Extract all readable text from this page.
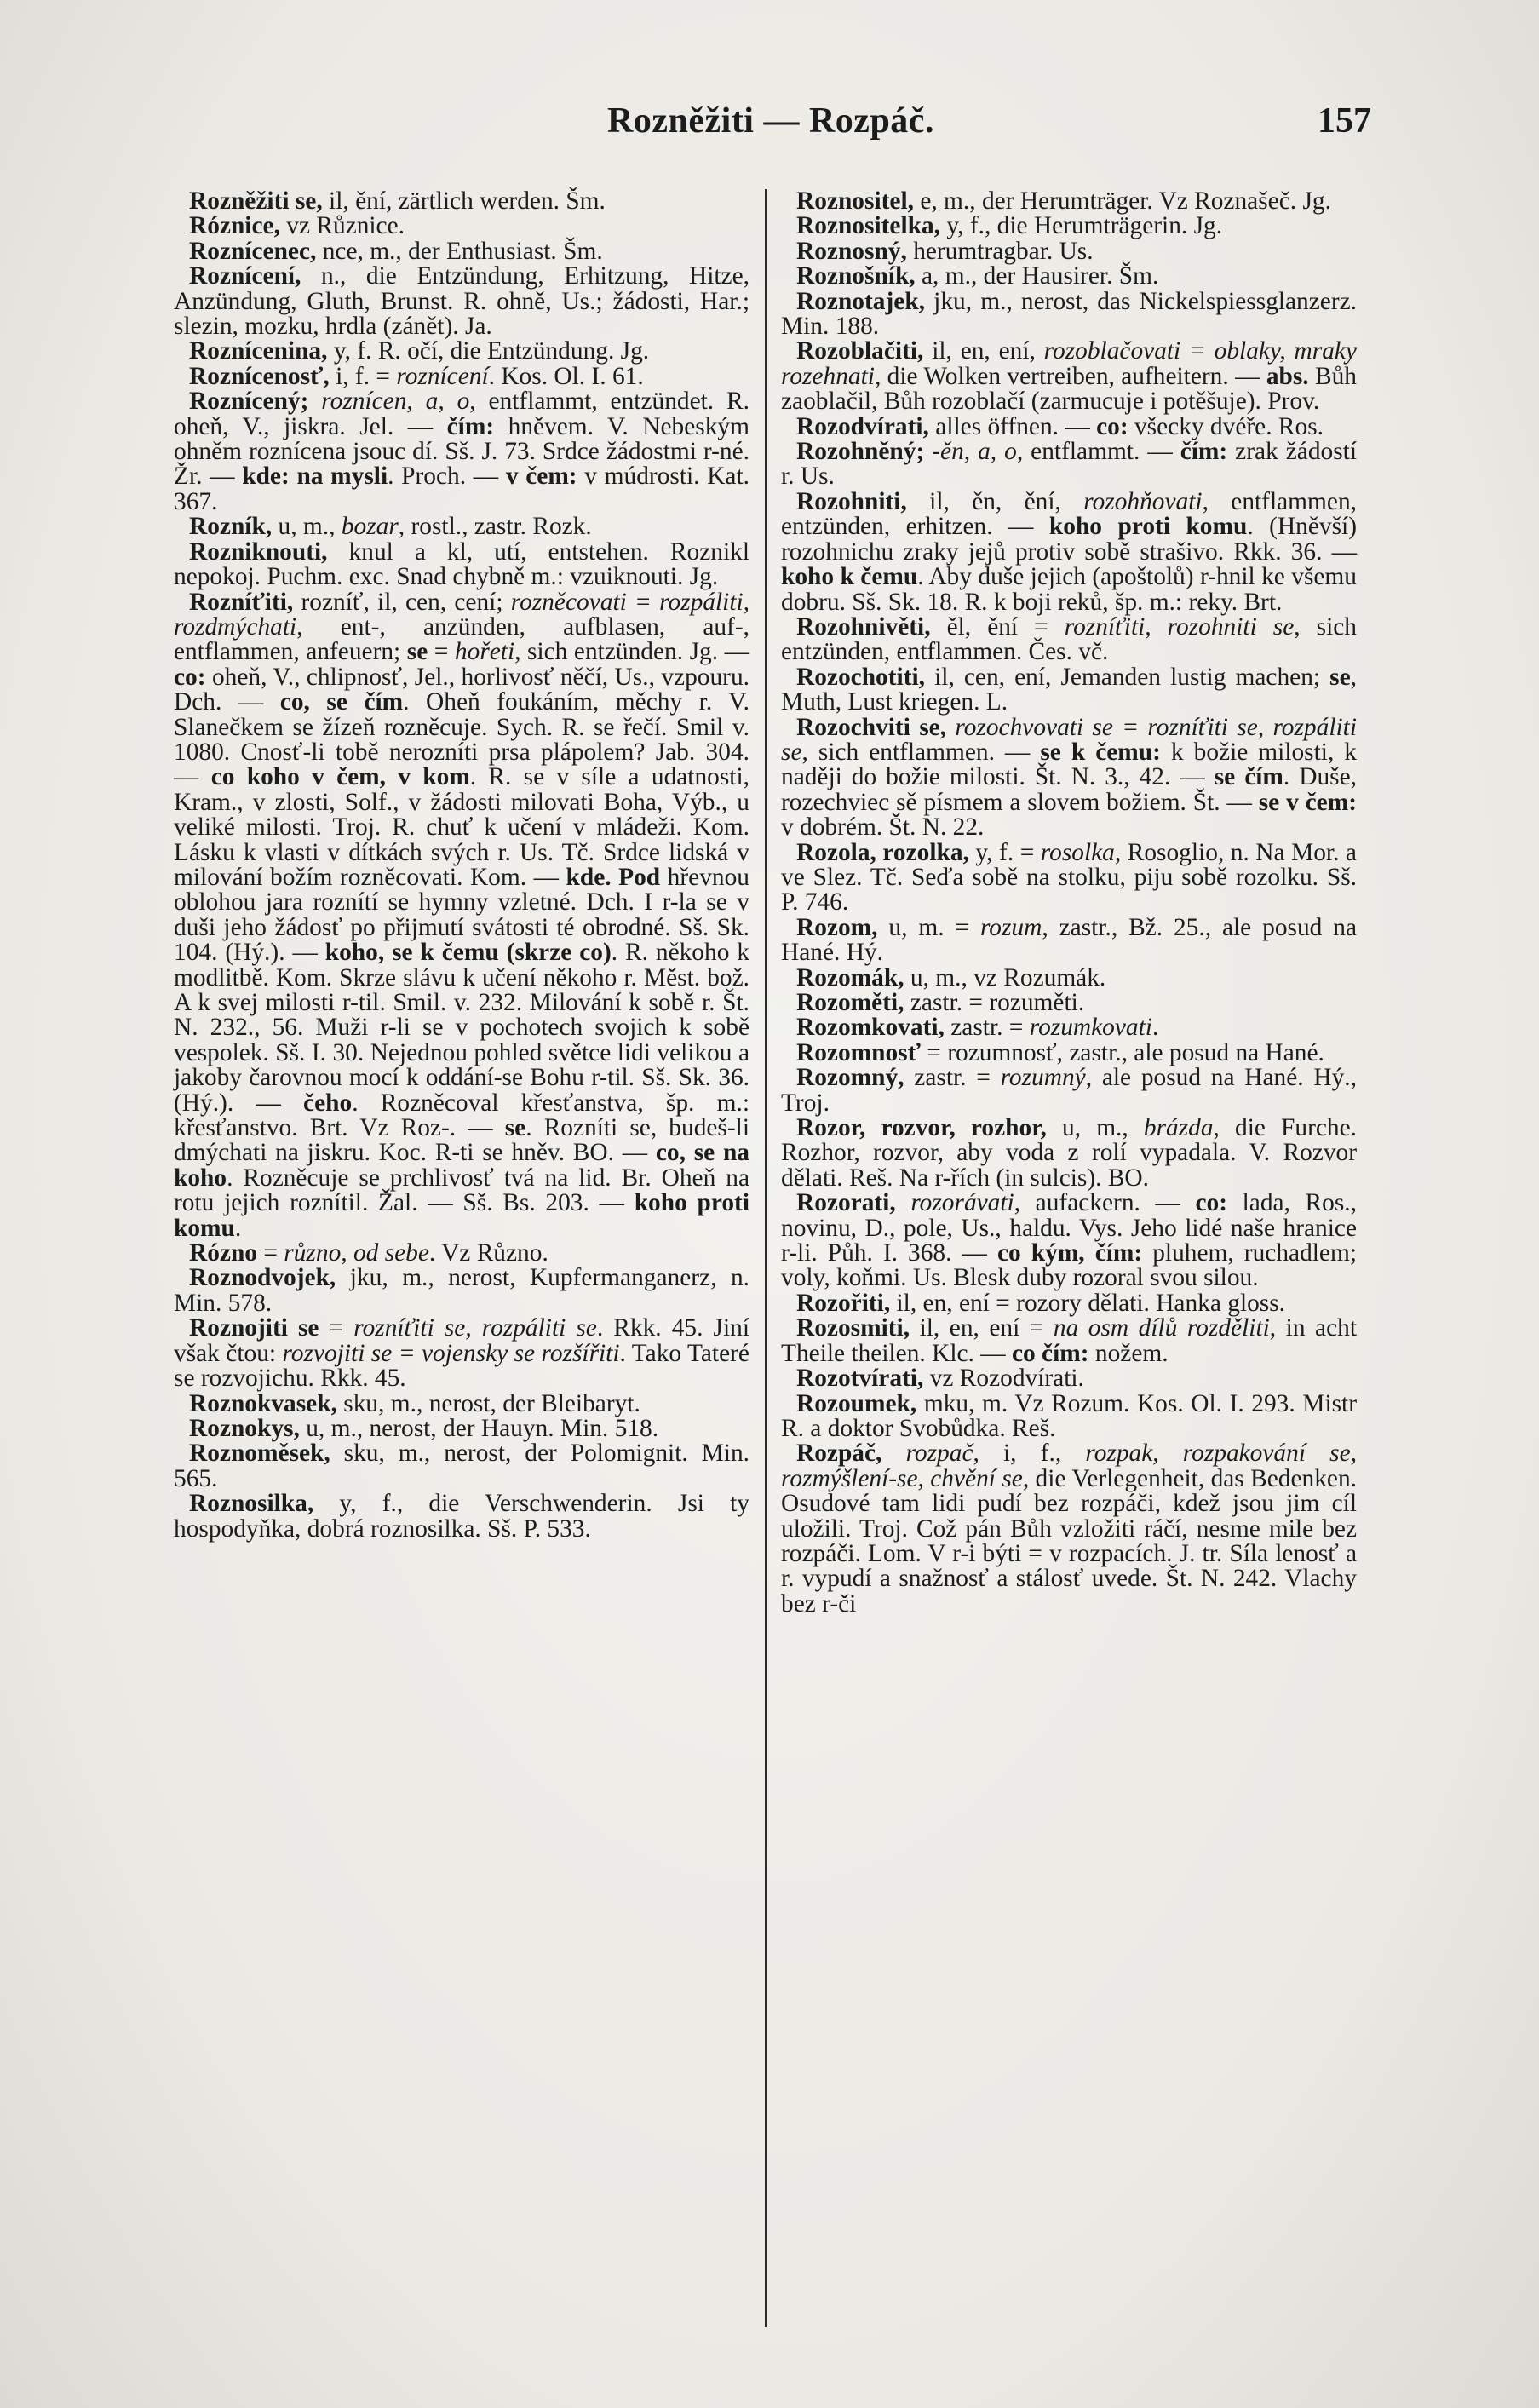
Rozněžiti — Rozpáč.	157

Rozněžiti se, il, ění, zärtlich werden. Šm.

Róznice, vz Různice.

Roznícenec, nce, m., der Enthusiast. Šm.

Roznícení, n., die Entzündung, Erhitzung, Hitze, Anzündung, Gluth, Brunst. R. ohně, Us.; žádosti, Har.; slezin, mozku, hrdla (zánět). Ja.

Roznícenina, y, f. R. očí, die Entzündung. Jg.

Roznícenosť, i, f. = roznícení. Kos. Ol. I. 61.

Roznícený; roznícen, a, o, entflammt, entzündet. R. oheň, V., jiskra. Jel. — čím: hněvem. V. Nebeským ohněm roznícena jsouc dí. Sš. J. 73. Srdce žádostmi r-né. Žr. — kde: na mysli. Proch. — v čem: v múdrosti. Kat. 367.

Rozník, u, m., bozar, rostl., zastr. Rozk.

Rozniknouti, knul a kl, utí, entstehen. Roznikl nepokoj. Puchm. exc. Snad chybně m.: vzuiknouti. Jg.

Rozníťiti, rozníť, il, cen, cení; rozněcovati = rozpáliti, rozdmýchati, ent-, anzünden, aufblasen, auf-, entflammen, anfeuern; se = hořeti, sich entzünden. Jg. — co: oheň, V., chlipnosť, Jel., horlivosť něčí, Us., vzpouru. Dch. — co, se čím. Oheň foukáním, měchy r. V. Slanečkem se žízeň rozněcuje. Sych. R. se řečí. Smil v. 1080. Cnosť-li tobě nerozníti prsa plápolem? Jab. 304. — co koho v čem, v kom. R. se v síle a udatnosti, Kram., v zlosti, Solf., v žádosti milovati Boha, Výb., u veliké milosti. Troj. R. chuť k učení v mládeži. Kom. Lásku k vlasti v dítkách svých r. Us. Tč. Srdce lidská v milování božím rozněcovati. Kom. — kde. Pod hřevnou oblohou jara roznítí se hymny vzletné. Dch. I r-la se v duši jeho žádosť po přijmutí svátosti té obrodné. Sš. Sk. 104. (Hý.). — koho, se k čemu (skrze co). R. někoho k modlitbě. Kom. Skrze slávu k učení někoho r. Měst. bož. A k svej milosti r-til. Smil. v. 232. Milování k sobě r. Št. N. 232., 56. Muži r-li se v pochotech svojich k sobě vespolek. Sš. I. 30. Nejednou pohled světce lidi velikou a jakoby čarovnou mocí k oddání-se Bohu r-til. Sš. Sk. 36. (Hý.). — čeho. Rozněcoval křesťanstva, šp. m.: křesťanstvo. Brt. Vz Roz-. — se. Rozníti se, budeš-li dmýchati na jiskru. Koc. R-ti se hněv. BO. — co, se na koho. Rozněcuje se prchlivosť tvá na lid. Br. Oheň na rotu jejich roznítil. Žal. — Sš. Bs. 203. — koho proti komu.

Rózno = různo, od sebe. Vz Různo.

Roznodvojek, jku, m., nerost, Kupfermanganerz, n. Min. 578.

Roznojiti se = rozníťiti se, rozpáliti se. Rkk. 45. Jiní však čtou: rozvojiti se = vojensky se rozšířiti. Tako Tateré se rozvojichu. Rkk. 45.

Roznokvasek, sku, m., nerost, der Bleibaryt.

Roznokys, u, m., nerost, der Hauyn. Min. 518.

Roznoměsek, sku, m., nerost, der Polomignit. Min. 565.

Roznosilka, y, f., die Verschwenderin. Jsi ty hospodyňka, dobrá roznosilka. Sš. P. 533.

Roznositel, e, m., der Herumträger. Vz Roznašeč. Jg.

Roznositelka, y, f., die Herumträgerin. Jg.

Roznosný, herumtragbar. Us.

Roznošník, a, m., der Hausirer. Šm.

Roznotajek, jku, m., nerost, das Nickelspiessglanzerz. Min. 188.

Rozoblačiti, il, en, ení, rozoblačovati = oblaky, mraky rozehnati, die Wolken vertreiben, aufheitern. — abs. Bůh zaoblačil, Bůh rozoblačí (zarmucuje i potěšuje). Prov.

Rozodvírati, alles öffnen. — co: všecky dvéře. Ros.

Rozohněný; -ěn, a, o, entflammt. — čím: zrak žádostí r. Us.

Rozohniti, il, ěn, ění, rozohňovati, entflammen, entzünden, erhitzen. — koho proti komu. (Hněvší) rozohnichu zraky jejů protiv sobě strašivo. Rkk. 36. — koho k čemu. Aby duše jejich (apoštolů) r-hnil ke všemu dobru. Sš. Sk. 18. R. k boji reků, šp. m.: reky. Brt.

Rozohnivěti, ěl, ění = rozníťiti, rozohniti se, sich entzünden, entflammen. Čes. vč.

Rozochotiti, il, cen, ení, Jemanden lustig machen; se, Muth, Lust kriegen. L.

Rozochviti se, rozochvovati se = rozníťiti se, rozpáliti se, sich entflammen. — se k čemu: k božie milosti, k naději do božie milosti. Št. N. 3., 42. — se čím. Duše, rozechviec sě písmem a slovem božiem. Št. — se v čem: v dobrém. Št. N. 22.

Rozola, rozolka, y, f. = rosolka, Rosoglio, n. Na Mor. a ve Slez. Tč. Seďa sobě na stolku, piju sobě rozolku. Sš. P. 746.

Rozom, u, m. = rozum, zastr., Bž. 25., ale posud na Hané. Hý.

Rozomák, u, m., vz Rozumák.

Rozoměti, zastr. = rozuměti.

Rozomkovati, zastr. = rozumkovati.

Rozomnosť = rozumnosť, zastr., ale posud na Hané.

Rozomný, zastr. = rozumný, ale posud na Hané. Hý., Troj.

Rozor, rozvor, rozhor, u, m., brázda, die Furche. Rozhor, rozvor, aby voda z rolí vypadala. V. Rozvor dělati. Reš. Na r-řích (in sulcis). BO.

Rozorati, rozorávati, aufackern. — co: lada, Ros., novinu, D., pole, Us., haldu. Vys. Jeho lidé naše hranice r-li. Půh. I. 368. — co kým, čím: pluhem, ruchadlem; voly, koňmi. Us. Blesk duby rozoral svou silou.

Rozořiti, il, en, ení = rozory dělati. Hanka gloss.

Rozosmiti, il, en, ení = na osm dílů rozděliti, in acht Theile theilen. Klc. — co čím: nožem.

Rozotvírati, vz Rozodvírati.

Rozoumek, mku, m. Vz Rozum. Kos. Ol. I. 293. Mistr R. a doktor Svobůdka. Reš.

Rozpáč, rozpač, i, f., rozpak, rozpakování se, rozmýšlení-se, chvění se, die Verlegenheit, das Bedenken. Osudové tam lidi pudí bez rozpáči, kdež jsou jim cíl uložili. Troj. Což pán Bůh vzložiti ráčí, nesme mile bez rozpáči. Lom. V r-i býti = v rozpacích. J. tr. Síla lenosť a r. vypudí a snažnosť a stálosť uvede. Št. N. 242. Vlachy bez r-či
